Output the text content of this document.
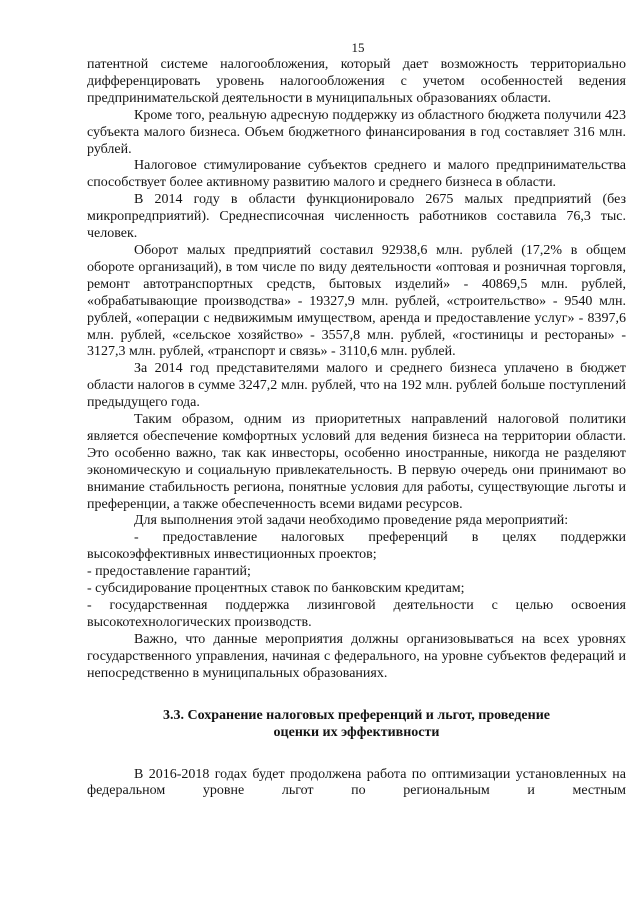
15

патентной системе налогообложения, который дает возможность территориально дифференцировать уровень налогообложения с учетом особенностей ведения предпринимательской деятельности в муниципальных образованиях области.

Кроме того, реальную адресную поддержку из областного бюджета получили 423 субъекта малого бизнеса. Объем бюджетного финансирования в год составляет 316 млн. рублей.

Налоговое стимулирование субъектов среднего и малого предпринимательства способствует более активному развитию малого и среднего бизнеса в области.

В 2014 году в области функционировало 2675 малых предприятий (без микропредприятий). Среднесписочная численность работников составила 76,3 тыс. человек.

Оборот малых предприятий составил 92938,6 млн. рублей (17,2% в общем обороте организаций), в том числе по виду деятельности «оптовая и розничная торговля, ремонт автотранспортных средств, бытовых изделий» - 40869,5 млн. рублей, «обрабатывающие производства» - 19327,9 млн. рублей, «строительство» - 9540 млн. рублей, «операции с недвижимым имуществом, аренда и предоставление услуг» - 8397,6 млн. рублей, «сельское хозяйство» - 3557,8 млн. рублей, «гостиницы и рестораны» - 3127,3 млн. рублей, «транспорт и связь» - 3110,6 млн. рублей.

За 2014 год представителями малого и среднего бизнеса уплачено в бюджет области налогов в сумме 3247,2 млн. рублей, что на 192 млн. рублей больше поступлений предыдущего года.

Таким образом, одним из приоритетных направлений налоговой политики является обеспечение комфортных условий для ведения бизнеса на территории области. Это особенно важно, так как инвесторы, особенно иностранные, никогда не разделяют экономическую и социальную привлекательность. В первую очередь они принимают во внимание стабильность региона, понятные условия для работы, существующие льготы и преференции, а также обеспеченность всеми видами ресурсов.

Для выполнения этой задачи необходимо проведение ряда мероприятий:

- предоставление налоговых преференций в целях поддержки высокоэффективных инвестиционных проектов;

- предоставление гарантий;

- субсидирование процентных ставок по банковским кредитам;

- государственная поддержка лизинговой деятельности с целью освоения высокотехнологических производств.

Важно, что данные мероприятия должны организовываться на всех уровнях государственного управления, начиная с федерального, на уровне субъектов федераций и непосредственно в муниципальных образованиях.

3.3. Сохранение налоговых преференций и льгот, проведение
оценки их эффективности

В 2016-2018 годах будет продолжена работа по оптимизации установленных на федеральном уровне льгот по региональным и местным
